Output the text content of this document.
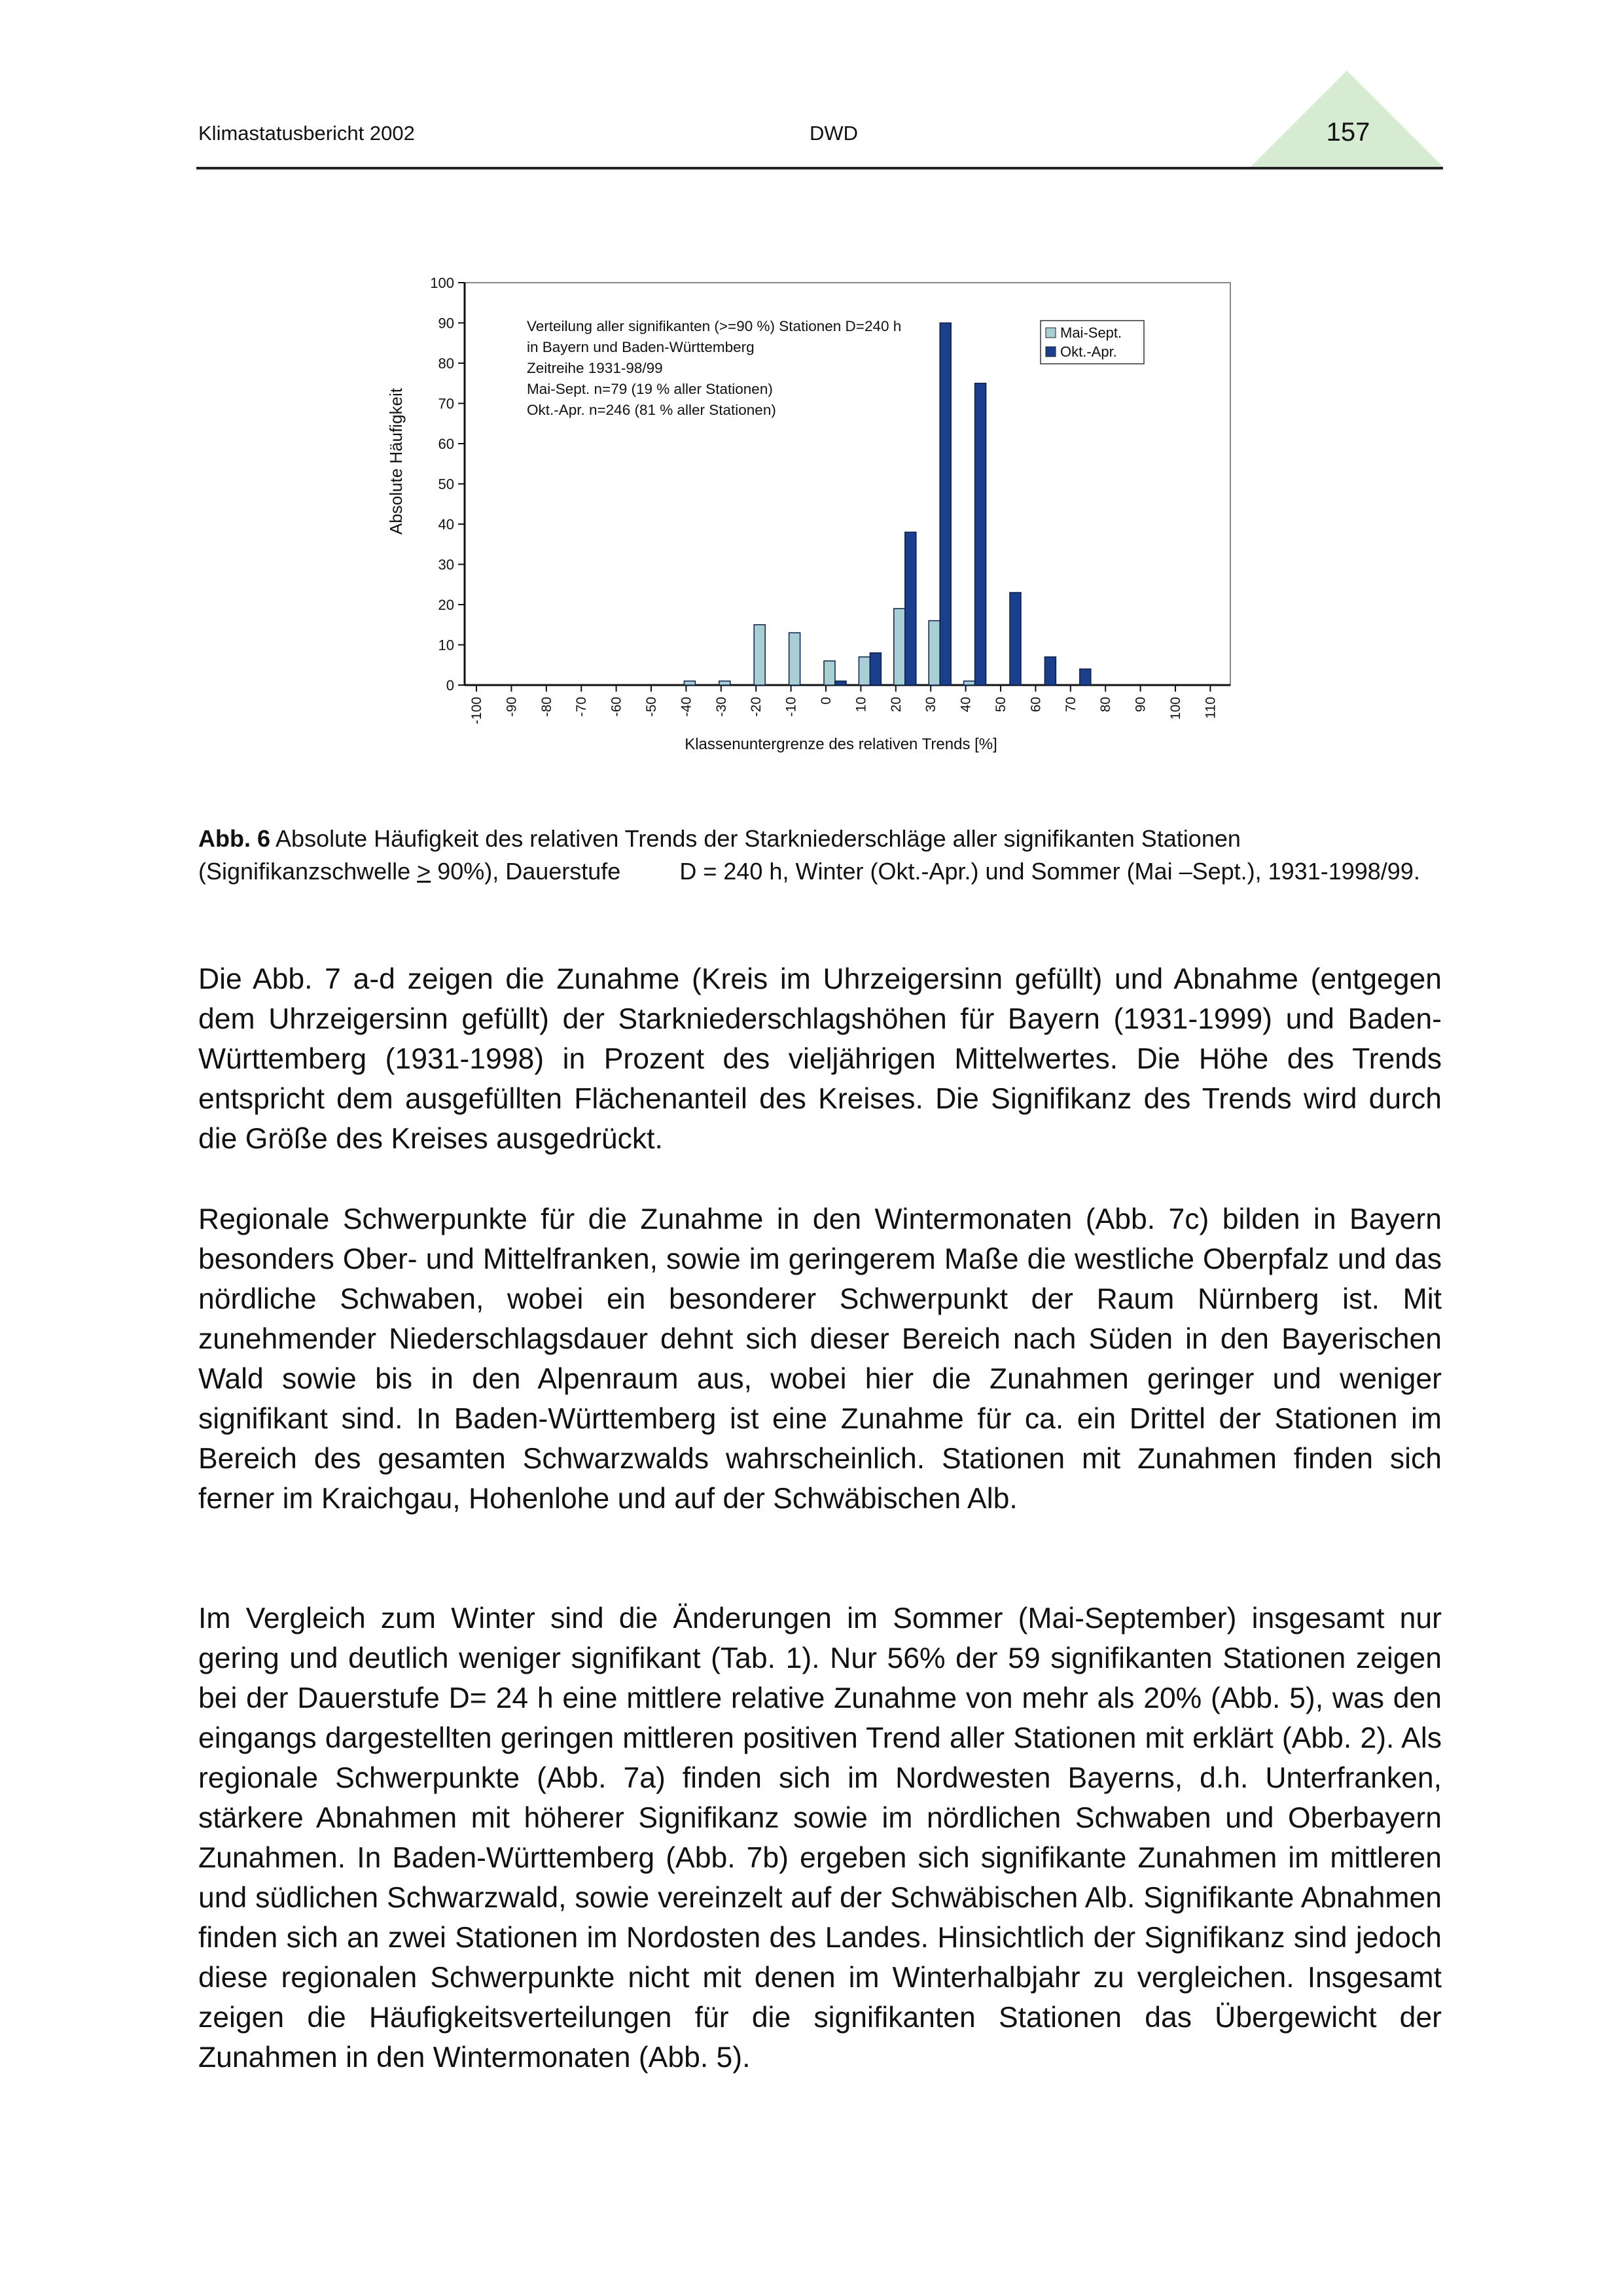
Klimastatusbericht 2002	DWD	157
0
10
20
30
40
50
60
70
80
90
100
-100 -90 -80 -70 -60 -50 -40 -30 -20 -10 0 10 20 30 40 50 60 70 80 90 100 110
Absolute Häufigkeit
Klassenuntergrenze des relativen Trends [%]
Verteilung aller signifikanten (>=90 %) Stationen D=240 h
in Bayern und Baden-Württemberg
Zeitreihe 1931-98/99
Mai-Sept. n=79 (19 % aller Stationen)
Okt.-Apr. n=246 (81 % aller Stationen)
Mai-Sept.
Okt.-Apr.

Abb. 6 Absolute Häufigkeit des relativen Trends der Starkniederschläge aller signifikanten Stationen (Signifikanzschwelle ≥ 90%), Dauerstufe	D = 240 h, Winter (Okt.-Apr.) und Sommer (Mai –Sept.), 1931-1998/99.

Die Abb. 7 a-d zeigen die Zunahme (Kreis im Uhrzeigersinn gefüllt) und Abnahme (entgegen dem Uhrzeigersinn gefüllt) der Starkniederschlagshöhen für Bayern (1931-1999) und Baden-Württemberg (1931-1998) in Prozent des vieljährigen Mittelwertes. Die Höhe des Trends entspricht dem ausgefüllten Flächenanteil des Kreises. Die Signifikanz des Trends wird durch die Größe des Kreises ausgedrückt.

Regionale Schwerpunkte für die Zunahme in den Wintermonaten (Abb. 7c) bilden in Bayern besonders Ober- und Mittelfranken, sowie im geringerem Maße die westliche Oberpfalz und das nördliche Schwaben, wobei ein besonderer Schwerpunkt der Raum Nürnberg ist. Mit zunehmender Niederschlagsdauer dehnt sich dieser Bereich nach Süden in den Bayerischen Wald sowie bis in den Alpenraum aus, wobei hier die Zunahmen geringer und weniger signifikant sind. In Baden-Württemberg ist eine Zunahme für ca. ein Drittel der Stationen im Bereich des gesamten Schwarzwalds wahrscheinlich. Stationen mit Zunahmen finden sich ferner im Kraichgau, Hohenlohe und auf der Schwäbischen Alb.

Im Vergleich zum Winter sind die Änderungen im Sommer (Mai-September) insgesamt nur gering und deutlich weniger signifikant (Tab. 1). Nur 56% der 59 signifikanten Stationen zeigen bei der Dauerstufe D= 24 h eine mittlere relative Zunahme von mehr als 20% (Abb. 5), was den eingangs dargestellten geringen mittleren positiven Trend aller Stationen mit erklärt (Abb. 2). Als regionale Schwerpunkte (Abb. 7a) finden sich im Nordwesten Bayerns, d.h. Unterfranken, stärkere Abnahmen mit höherer Signifikanz sowie im nördlichen Schwaben und Oberbayern Zunahmen. In Baden-Württemberg (Abb. 7b) ergeben sich signifikante Zunahmen im mittleren und südlichen Schwarzwald, sowie vereinzelt auf der Schwäbischen Alb. Signifikante Abnahmen finden sich an zwei Stationen im Nordosten des Landes. Hinsichtlich der Signifikanz sind jedoch diese regionalen Schwerpunkte nicht mit denen im Winterhalbjahr zu vergleichen. Insgesamt zeigen die Häufigkeitsverteilungen für die signifikanten Stationen das Übergewicht der Zunahmen in den Wintermonaten (Abb. 5).
